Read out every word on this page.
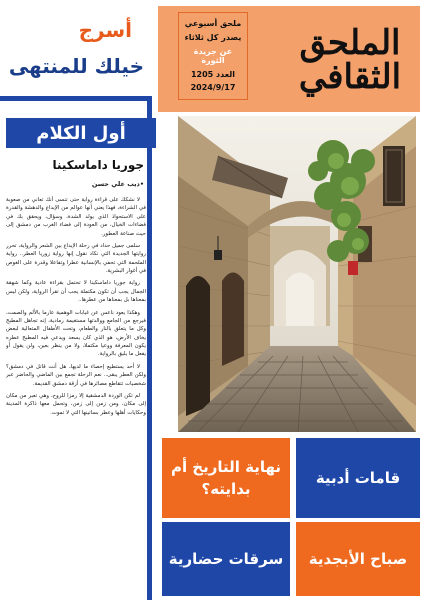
الملحق الثقافي
ملحق أسبوعي
يصدر كل ثلاثاء
عن جريدة الثورة
العدد 1205
2024/9/17
أسرج
خيلك للمنتهى
أول الكلام
جوريا داماسكينا
•ديب علي حسن

لا نشكك على قراءة رواية حتى تنسى أنك تعاني من صعوبة في الشراءة، فهذا يعني أنها عوالم من الإبداع والدهشة والقدرة على الاستحواذ الذي يولد الشدة، وسؤال، ويحقق بك في فضاءات الخيال، من العودة إلى فضاء الغرب من دمشق إلى حيث صناعة العطور.

سلمى جميل حداد في رحلة الإبداع بين الشعر والرواية، تحرر روايتها الجديدة التي نكاد نقول إنها رواية زوريا العطر.. رواية الملحمة التي تحفي بالإنسانية عطرا وتفاعلا وقدرة على الغوص في أغوار البشرية.

رواية جوريا داماسكينا لا تحتمل بقراءة عادية وكما شهقة الجمال يجب أن تكون مكتملة يجب أن تقرأ الرواية، ولكن ليس بمعناها بل بمعناها من عطرها..

وهكذا يعود ناعس عن غيابات الوهمية عارما بالألم والصمت، فيرجع من الجامع ووالدتها مستغيمة رمادية، إنه تجاهل المطبخ وكل ما يتعلق بالنار والطعام، وتحت الأطفال المتعالية لبعض يخاف الأرض، هو الذي كان يسعد ويدعي فيه المطبخ عطره يكون المعرفة ووعيا مكتملا، ولا من ينظر بعين، ولن يقول أو يفعل ما يليق بالرواية.

لا أحد يستطيع إحصاء ما لديها، هل أنت قاتل في دمشق؟ ولكن العطر يبقى.. نعم الرحلة تجمع بين الماضي والحاضر عبر شخصيات تتقاطع مصائرها في أزقة دمشق القديمة.

لم تكن الوردة الدمشقية إلا رمزا للروح، وهي تعبر من مكان إلى مكان، ومن زمن إلى زمن، وتحمل معها ذاكرة المدينة وحكايات أهلها وعطر بساتينها التي لا تموت.

نهاية التاريخ أم بدايته؟
قامات أدبية
سرقات حضارية صباح الأبجدية
